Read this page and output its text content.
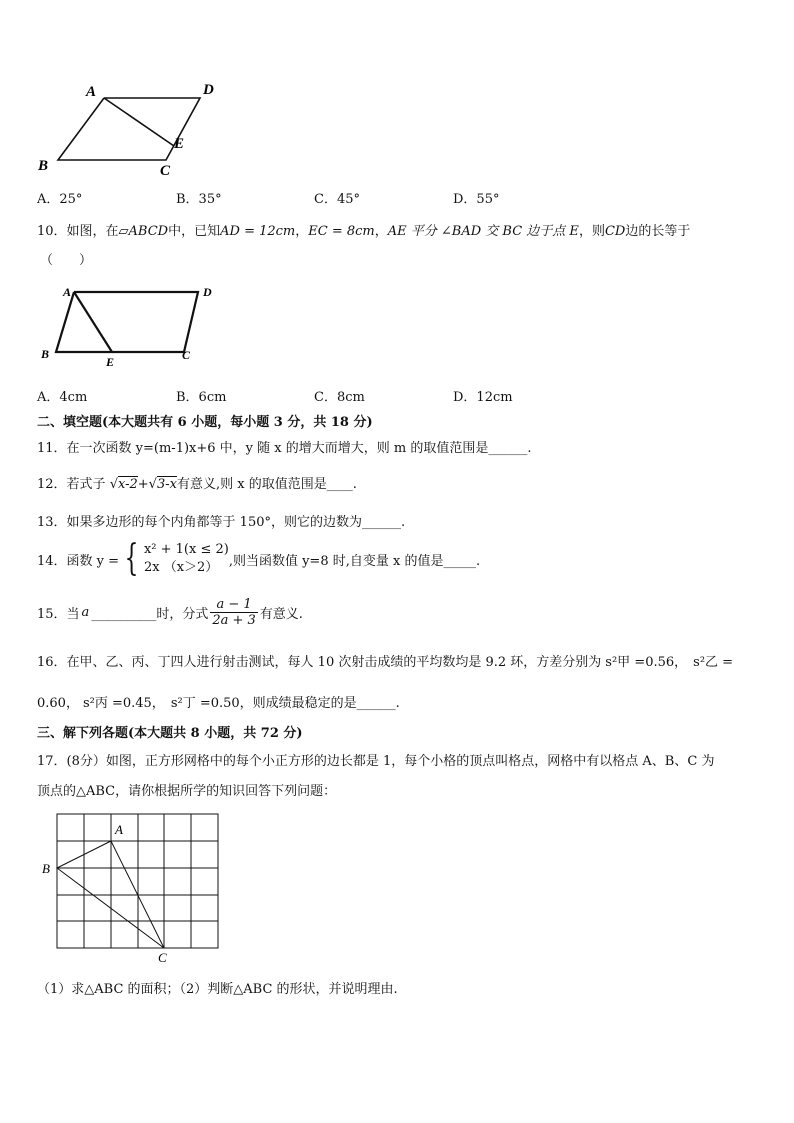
A	D
E
B	C
A．25°	B．35°	C．45°	D．55°
10．如图，在▱ABCD中，已知AD = 12cm，EC = 8cm，AE 平分 ∠BAD 交 BC 边于点 E，则CD边的长等于
（　　）
A	D
B
E	C
A．4cm	B．6cm	C．8cm	D．12cm
二、填空题(本大题共有 6 小题，每小题 3 分，共 18 分)
11．在一次函数 y=(m-1)x+6 中，y 随 x 的增大而增大，则 m 的取值范围是______.
12．若式子 √x-2+√3-x有意义,则 x 的取值范围是____.
13．如果多边形的每个内角都等于 150°，则它的边数为______.
14．函数 y = { x² + 1(x ≤ 2)
2x （x＞2） ,则当函数值 y=8 时,自变量 x 的值是_____.
15．当 a __________时，分式 $\frac{a - 1}{2a + 3}$ 有意义.
16．在甲、乙、丙、丁四人进行射击测试，每人 10 次射击成绩的平均数均是 9.2 环，方差分别为 s²甲 =0.56， s²乙 =
0.60， s²丙 =0.45， s²丁 =0.50，则成绩最稳定的是______.
三、解下列各题(本大题共 8 小题，共 72 分)
17．(8分）如图，正方形网格中的每个小正方形的边长都是 1，每个小格的顶点叫格点，网格中有以格点 A、B、C 为
顶点的△ABC，请你根据所学的知识回答下列问题：
A
B
C
（1）求△ABC 的面积；（2）判断△ABC 的形状，并说明理由.
